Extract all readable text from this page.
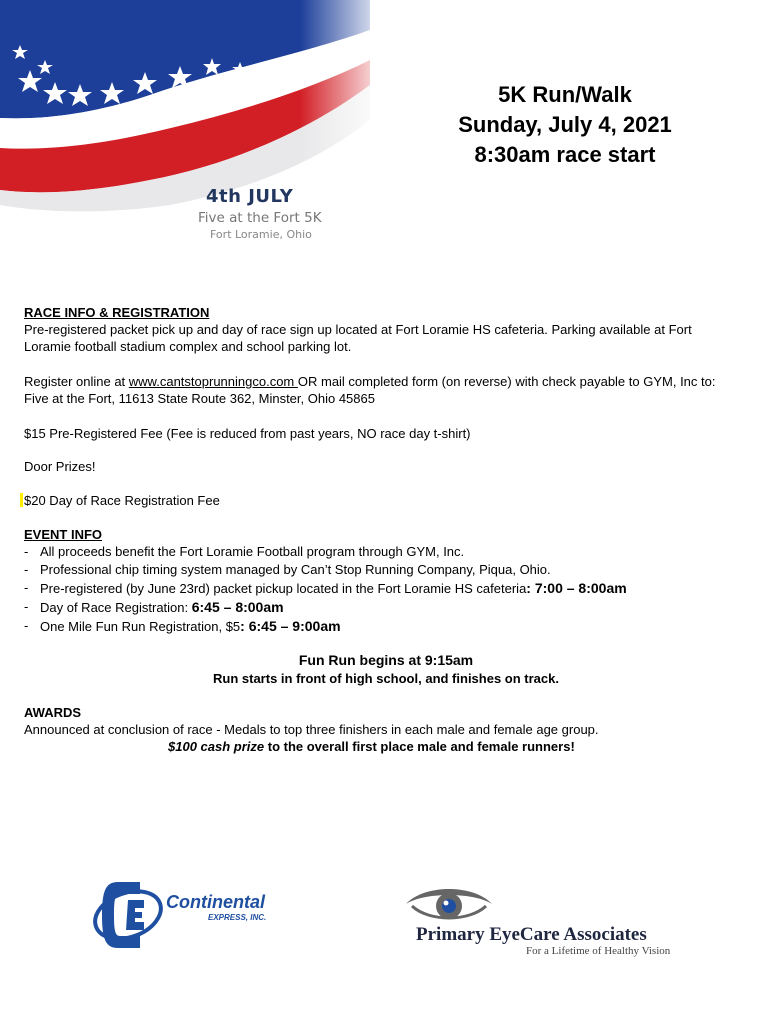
4th JULY
Five at the Fort 5K
Fort Loramie, Ohio
5K Run/Walk
Sunday, July 4, 2021
8:30am race start
RACE INFO & REGISTRATION
Pre-registered packet pick up and day of race sign up located at Fort Loramie HS cafeteria. Parking available at Fort Loramie football stadium complex and school parking lot.
Register online at www.cantstoprunningco.com OR mail completed form (on reverse) with check payable to GYM, Inc to: Five at the Fort, 11613 State Route 362, Minster, Ohio 45865
$15 Pre-Registered Fee (Fee is reduced from past years, NO race day t-shirt)
Door Prizes!
$20 Day of Race Registration Fee
EVENT INFO
- All proceeds benefit the Fort Loramie Football program through GYM, Inc.
- Professional chip timing system managed by Can’t Stop Running Company, Piqua, Ohio.
- Pre-registered (by June 23rd) packet pickup located in the Fort Loramie HS cafeteria: 7:00 – 8:00am
- Day of Race Registration: 6:45 – 8:00am
- One Mile Fun Run Registration, $5: 6:45 – 9:00am
Fun Run begins at 9:15am
Run starts in front of high school, and finishes on track.
AWARDS
Announced at conclusion of race - Medals to top three finishers in each male and female age group.
$100 cash prize to the overall first place male and female runners!
Continental
EXPRESS, INC.
Primary EyeCare Associates
For a Lifetime of Healthy Vision
